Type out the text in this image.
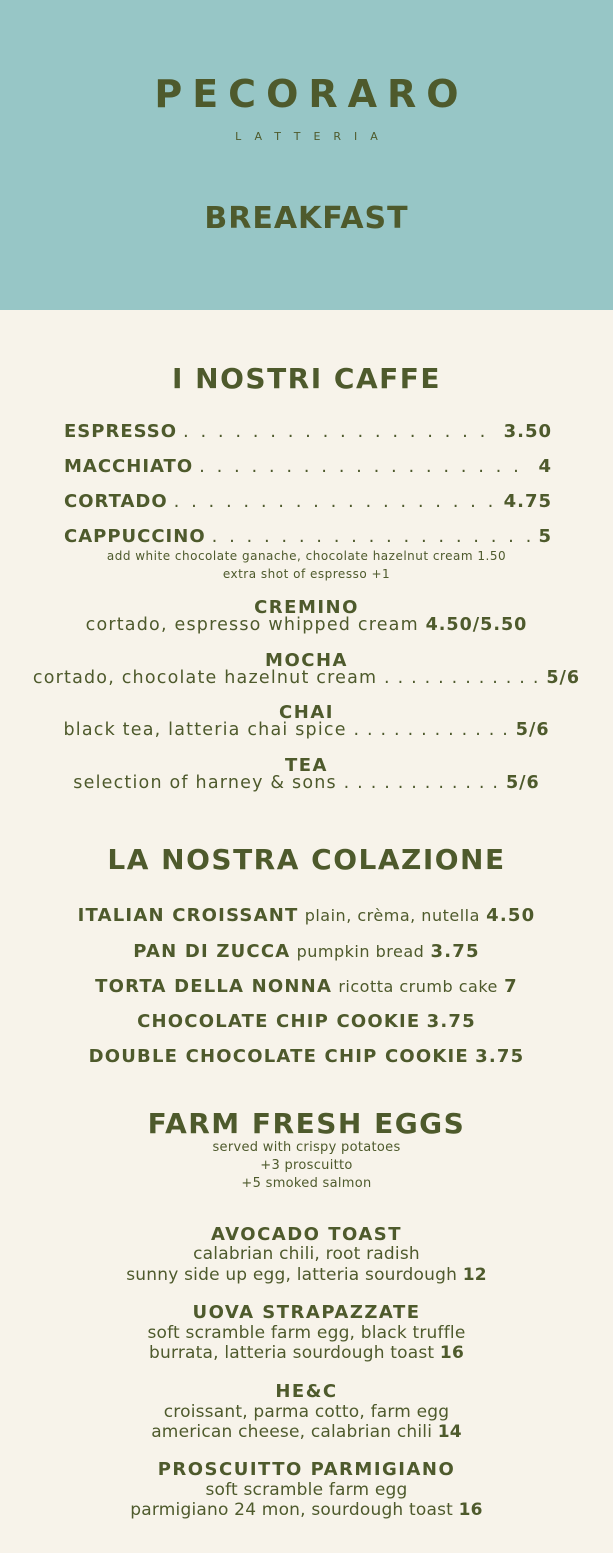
PECORARO
LATTERIA
BREAKFAST
I NOSTRI CAFFE
ESPRESSO . . .	3.50
MACCHIATO . . .	4
CORTADO . . .	4.75
CAPPUCCINO . . .	5
add white chocolate ganache, chocolate hazelnut cream 1.50
extra shot of espresso +1
CREMINO
cortado, espresso whipped cream 4.50/5.50
MOCHA
cortado, chocolate hazelnut cream . . .	5/6
CHAI
black tea, latteria chai spice . . .	5/6
TEA
selection of harney & sons . . .	5/6
LA NOSTRA COLAZIONE
ITALIAN CROISSANT plain, crèma, nutella 4.50
PAN DI ZUCCA pumpkin bread 3.75
TORTA DELLA NONNA ricotta crumb cake 7
CHOCOLATE CHIP COOKIE 3.75
DOUBLE CHOCOLATE CHIP COOKIE 3.75
FARM FRESH EGGS
served with crispy potatoes
+3 proscuitto
+5 smoked salmon
AVOCADO TOAST
calabrian chili, root radish
sunny side up egg, latteria sourdough 12
UOVA STRAPAZZATE
soft scramble farm egg, black truffle
burrata, latteria sourdough toast 16
HE&C
croissant, parma cotto, farm egg
american cheese, calabrian chili 14
PROSCUITTO PARMIGIANO
soft scramble farm egg
parmigiano 24 mon, sourdough toast 16
